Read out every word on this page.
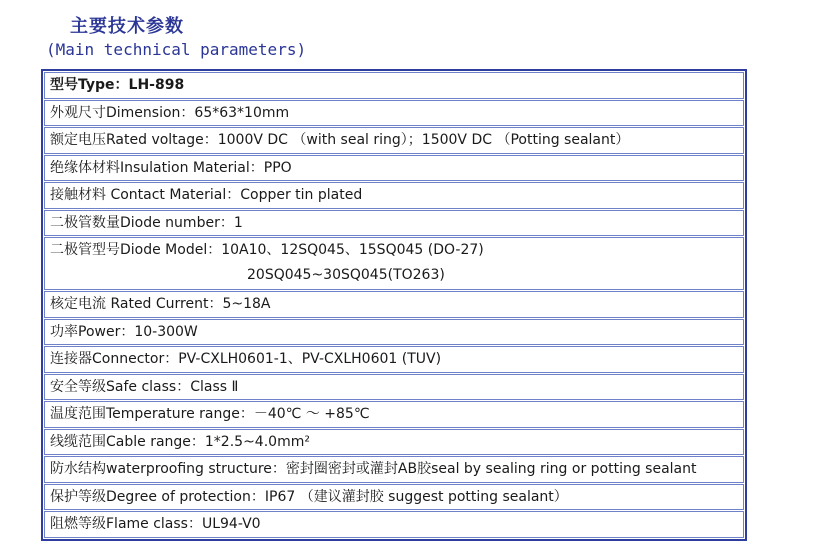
主要技术参数
(Main technical parameters)
型号Type：LH-898
外观尺寸Dimension：65*63*10mm
额定电压Rated voltage：1000V DC （with seal ring）；1500V DC （Potting sealant）
绝缘体材料Insulation Material：PPO
接触材料 Contact Material：Copper tin plated
二极管数量Diode number：1
二极管型号Diode Model：10A10、12SQ045、15SQ045 (DO-27)
20SQ045~30SQ045(TO263)
核定电流 Rated Current：5~18A
功率Power：10-300W
连接器Connector：PV-CXLH0601-1、PV-CXLH0601 (TUV)
安全等级Safe class：Class Ⅱ
温度范围Temperature range：－40℃ ～ +85℃
线缆范围Cable range：1*2.5~4.0mm²
防水结构waterproofing structure：密封圈密封或灌封AB胶seal by sealing ring or potting sealant
保护等级Degree of protection：IP67 （建议灌封胶 suggest potting sealant）
阻燃等级Flame class：UL94-V0
